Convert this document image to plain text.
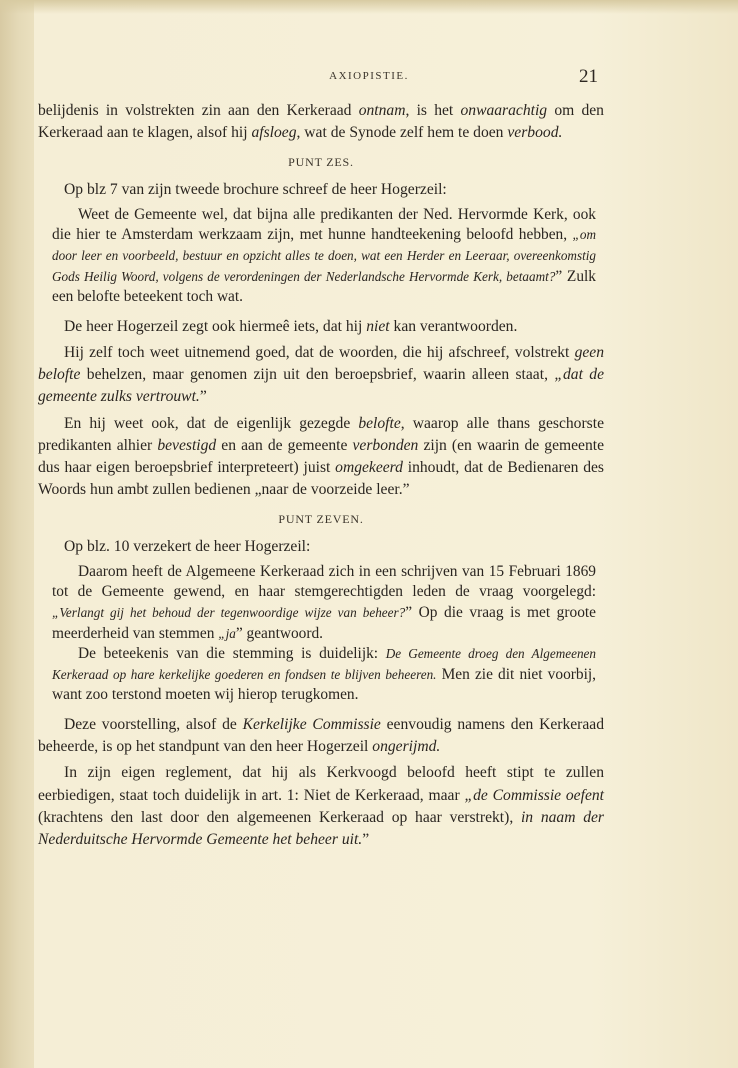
AXIOPISTIE.	21

belijdenis in volstrekten zin aan den Kerkeraad ontnam, is het onwaarachtig om den Kerkeraad aan te klagen, alsof hij afsloeg, wat de Synode zelf hem te doen verbood.

PUNT ZES.

Op blz 7 van zijn tweede brochure schreef de heer Hogerzeil:

Weet de Gemeente wel, dat bijna alle predikanten der Ned. Hervormde Kerk, ook die hier te Amsterdam werkzaam zijn, met hunne handteekening beloofd hebben, „om door leer en voorbeeld, bestuur en opzicht alles te doen, wat een Herder en Leeraar, overeenkomstig Gods Heilig Woord, volgens de verordeningen der Nederlandsche Hervormde Kerk, betaamt?” Zulk een belofte beteekent toch wat.

De heer Hogerzeil zegt ook hiermeê iets, dat hij niet kan verantwoorden.

Hij zelf toch weet uitnemend goed, dat de woorden, die hij afschreef, volstrekt geen belofte behelzen, maar genomen zijn uit den beroepsbrief, waarin alleen staat, „dat de gemeente zulks vertrouwt.”

En hij weet ook, dat de eigenlijk gezegde belofte, waarop alle thans geschorste predikanten alhier bevestigd en aan de gemeente verbonden zijn (en waarin de gemeente dus haar eigen beroepsbrief interpreteert) juist omgekeerd inhoudt, dat de Bedienaren des Woords hun ambt zullen bedienen „naar de voorzeide leer.”

PUNT ZEVEN.

Op blz. 10 verzekert de heer Hogerzeil:

Daarom heeft de Algemeene Kerkeraad zich in een schrijven van 15 Februari 1869 tot de Gemeente gewend, en haar stemgerechtigden leden de vraag voorgelegd: „Verlangt gij het behoud der tegenwoordige wijze van beheer?” Op die vraag is met groote meerderheid van stemmen „ja” geantwoord.

De beteekenis van die stemming is duidelijk: De Gemeente droeg den Algemeenen Kerkeraad op hare kerkelijke goederen en fondsen te blijven beheeren. Men zie dit niet voorbij, want zoo terstond moeten wij hierop terugkomen.

Deze voorstelling, alsof de Kerkelijke Commissie eenvoudig namens den Kerkeraad beheerde, is op het standpunt van den heer Hogerzeil ongerijmd.

In zijn eigen reglement, dat hij als Kerkvoogd beloofd heeft stipt te zullen eerbiedigen, staat toch duidelijk in art. 1: Niet de Kerkeraad, maar „de Commissie oefent (krachtens den last door den algemeenen Kerkeraad op haar verstrekt), in naam der Nederduitsche Hervormde Gemeente het beheer uit.”
